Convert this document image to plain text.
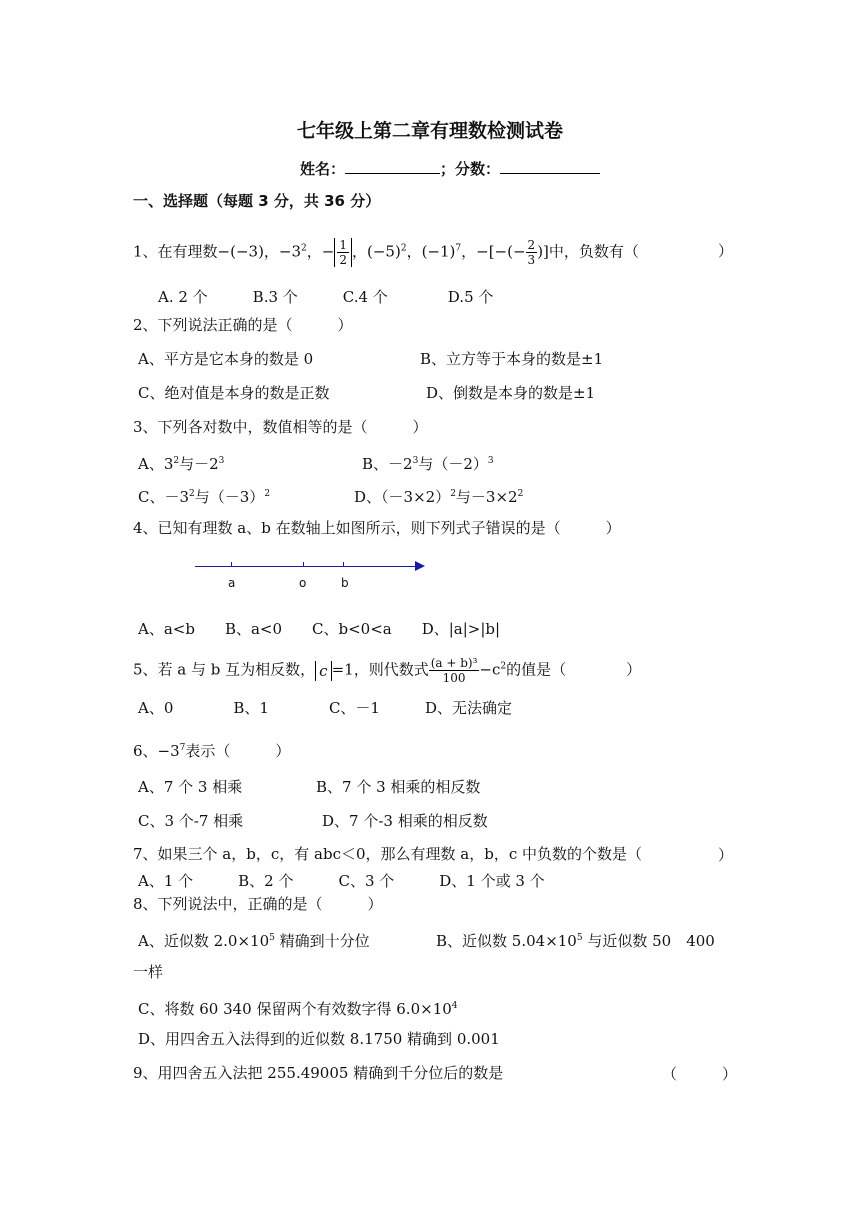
七年级上第二章有理数检测试卷
姓名：	；分数：
一、选择题（每题 3 分，共 36 分）
1、在有理数−(−3)，$-3^2$，− $\frac{1}{2}$ ，$(-5)^2$，$(-1)^7$，−[−(− $\frac{2}{3}$ )]中，负数有（	）
A. 2 个　　　B.3 个　　　C.4 个　　　　D.5 个
2、下列说法正确的是（　　　）
A、平方是它本身的数是 0	B、立方等于本身的数是±1
C、绝对值是本身的数是正数	D、倒数是本身的数是±1
3、下列各对数中，数值相等的是（　　　）
A、$3^2$与$-2^3$	B、$-2^3$与$(-2)^3$
C、$-3^2$与$(-3)^2$	D、$(-3\times 2)^2$与$-3\times 2^2$
4、已知有理数 a、b 在数轴上如图所示，则下列式子错误的是（　　　）
a	o	b
A、a<b　　B、a<0　　C、b<0<a　　D、|a|>|b|
5、若 a 与 b 互为相反数， c =1，则代数式 $\frac{\text{(a + b)³}}{100} -c^2$的值是（　　　　）
A、0　　　　B、1　　　　C、－1　　　D、无法确定
6、$-3^7$表示（　　　）
A、7 个 3 相乘	B、7 个 3 相乘的相反数
C、3 个-7 相乘	D、7 个-3 相乘的相反数
7、如果三个 a，b，c，有 abc＜0，那么有理数 a，b，c 中负数的个数是（	）
A、1 个　　　B、2 个　　　C、3 个　　　D、1 个或 3 个
8、下列说法中，正确的是（　　　）
A、近似数 $2.0\times 10^5$ 精确到十分位	B、近似数 $5.04\times 10^5$ 与近似数 50　400
一样
C、将数 60 340 保留两个有效数字得 $6.0\times 10^4$
D、用四舍五入法得到的近似数 8.1750 精确到 0.001
9、用四舍五入法把 255.49005 精确到千分位后的数是	（　　　）
